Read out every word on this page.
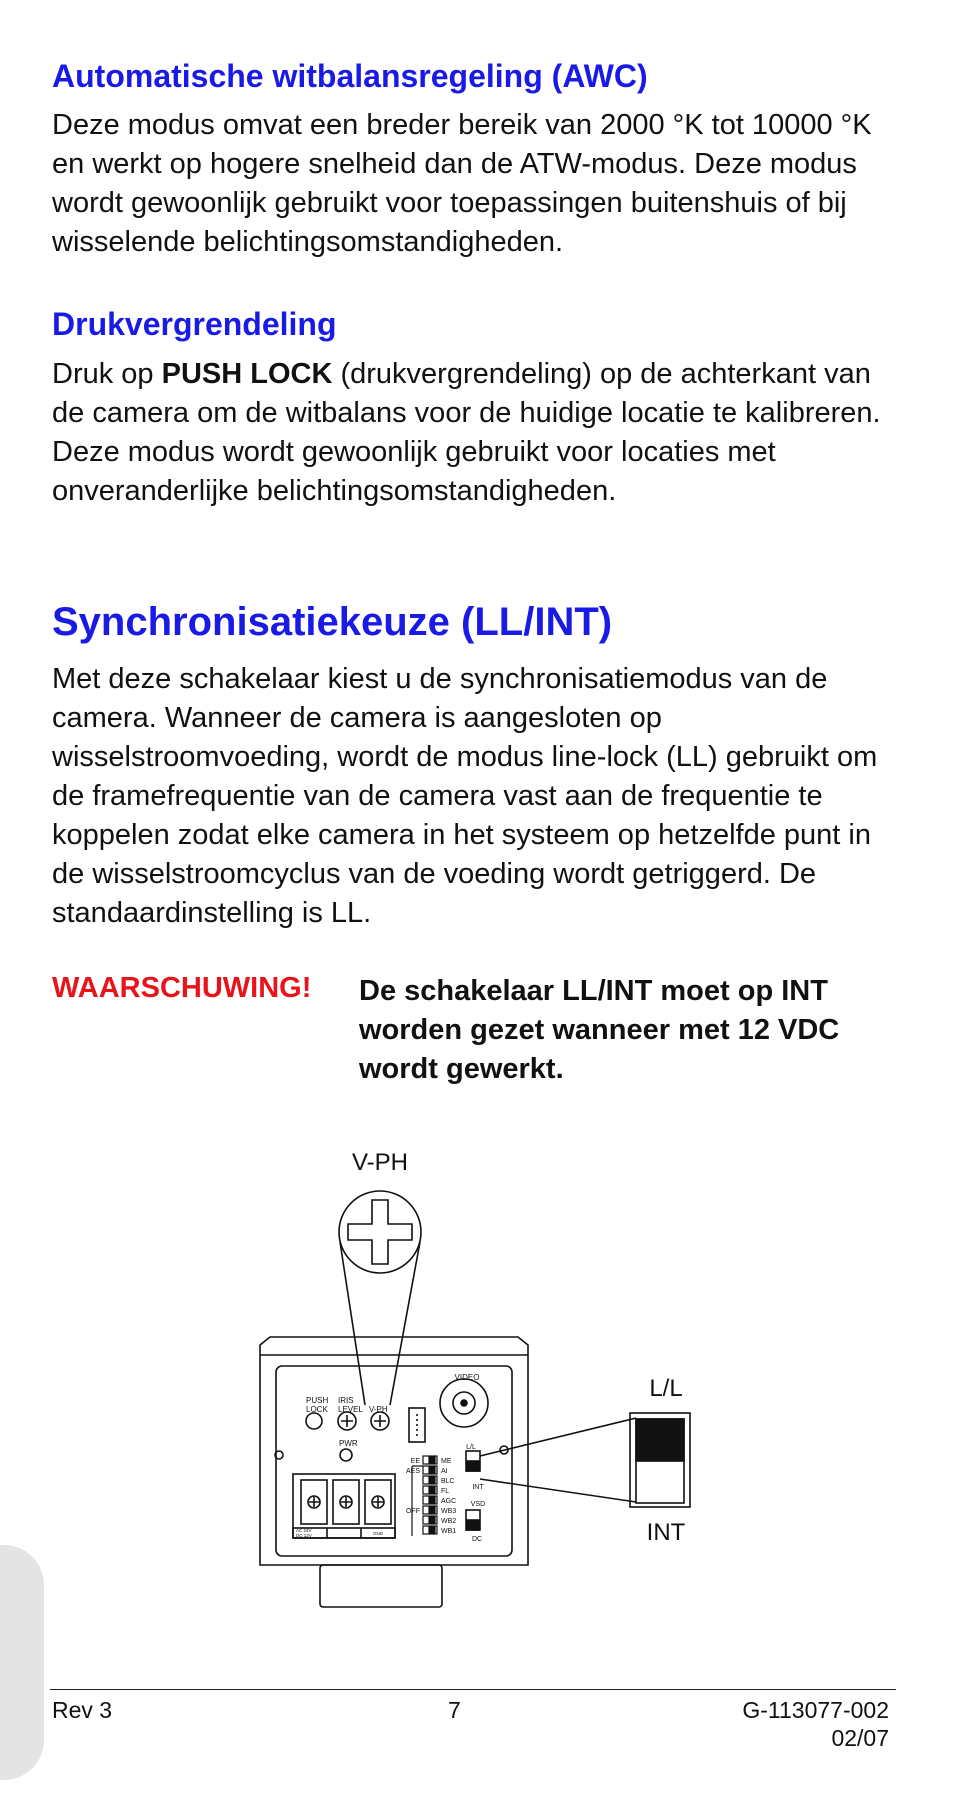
Automatische witbalansregeling (AWC)

Deze modus omvat een breder bereik van 2000 °K tot 10000 °K en werkt op hogere snelheid dan de ATW-modus. Deze modus wordt gewoonlijk gebruikt voor toepassingen buitenshuis of bij wisselende belichtingsomstandigheden.

Drukvergrendeling

Druk op PUSH LOCK (drukvergrendeling) op de achterkant van de camera om de witbalans voor de huidige locatie te kalibreren. Deze modus wordt gewoonlijk gebruikt voor locaties met onveranderlijke belichtingsomstandigheden.

Synchronisatiekeuze (LL/INT)

Met deze schakelaar kiest u de synchronisatiemodus van de camera. Wanneer de camera is aangesloten op wisselstroomvoeding, wordt de modus line-lock (LL) gebruikt om de framefrequentie van de camera vast aan de frequentie te koppelen zodat elke camera in het systeem op hetzelfde punt in de wisselstroomcyclus van de voeding wordt getriggerd. De standaardinstelling is LL.

WAARSCHUWING! De schakelaar LL/INT moet op INT worden gezet wanneer met 12 VDC wordt gewerkt.
V-PH
L/L
INT
VIDEO
PUSH
LOCK
IRIS
LEVEL V-PH
PWR	L/L
INT
VSD
DC
EE
AES
OFF
ME
AI
BLC
FL
AGC
WB3
WB2
WB1
AC 24V
DC 12V	GND
Rev 3	7	G-113077-002
02/07
